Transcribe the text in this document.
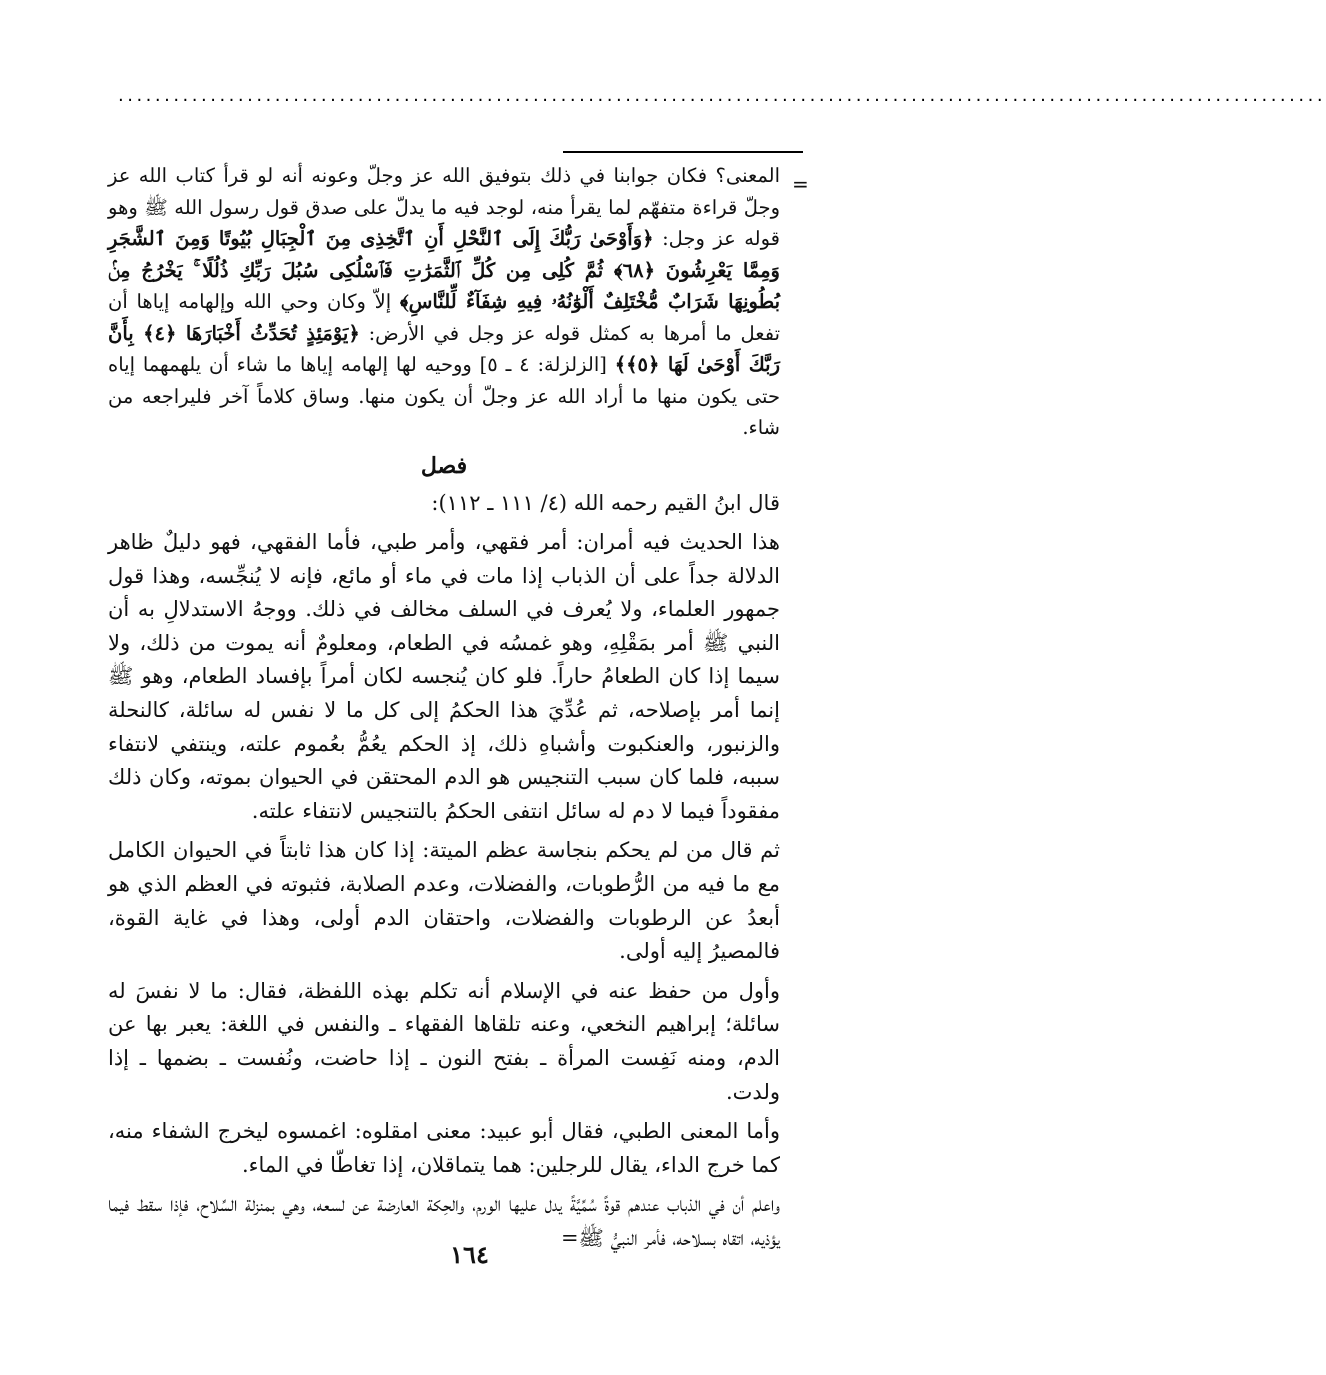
...................................................................................................................................
=

المعنى؟ فكان جوابنا في ذلك بتوفيق الله عز وجلّ وعونه أنه لو قرأ كتاب الله عز وجلّ قراءة متفهّم لما يقرأ منه، لوجد فيه ما يدلّ على صدق قول رسول الله ﷺ وهو قوله عز وجل: ﴿وَأَوْحَىٰ رَبُّكَ إِلَى ٱلنَّحْلِ أَنِ ٱتَّخِذِى مِنَ ٱلْجِبَالِ بُيُوتًا وَمِنَ ٱلشَّجَرِ وَمِمَّا يَعْرِشُونَ ﴿٦٨﴾ ثُمَّ كُلِى مِن كُلِّ ٱلثَّمَرَٰتِ فَٱسْلُكِى سُبُلَ رَبِّكِ ذُلُلًا ۚ يَخْرُجُ مِنۢ بُطُونِهَا شَرَابٌ مُّخْتَلِفٌ أَلْوَٰنُهُۥ فِيهِ شِفَآءٌ لِّلنَّاسِ﴾ إلاّ وكان وحي الله وإلهامه إياها أن تفعل ما أمرها به كمثل قوله عز وجل في الأرض: ﴿يَوْمَئِذٍ تُحَدِّثُ أَخْبَارَهَا ﴿٤﴾ بِأَنَّ رَبَّكَ أَوْحَىٰ لَهَا ﴿٥﴾﴾ [الزلزلة: ٤ ـ ٥] ووحيه لها إلهامه إياها ما شاء أن يلهمهما إياه حتى يكون منها ما أراد الله عز وجلّ أن يكون منها. وساق كلاماً آخر فليراجعه من شاء.

فصل

قال ابنُ القيم رحمه الله (٤/ ١١١ ـ ١١٢):

هذا الحديث فيه أمران: أمر فقهي، وأمر طبي، فأما الفقهي، فهو دليلٌ ظاهر الدلالة جداً على أن الذباب إذا مات في ماء أو مائع، فإنه لا يُنجِّسه، وهذا قول جمهور العلماء، ولا يُعرف في السلف مخالف في ذلك. ووجهُ الاستدلالِ به أن النبي ﷺ أمر بمَقْلِهِ، وهو غمسُه في الطعام، ومعلومٌ أنه يموت من ذلك، ولا سيما إذا كان الطعامُ حاراً. فلو كان يُنجسه لكان أمراً بإفساد الطعام، وهو ﷺ إنما أمر بإصلاحه، ثم عُدِّيَ هذا الحكمُ إلى كل ما لا نفس له سائلة، كالنحلة والزنبور، والعنكبوت وأشباهِ ذلك، إذ الحكم يعُمُّ بعُموم علته، وينتفي لانتفاء سببه، فلما كان سبب التنجيس هو الدم المحتقن في الحيوان بموته، وكان ذلك مفقوداً فيما لا دم له سائل انتفى الحكمُ بالتنجيس لانتفاء علته.

ثم قال من لم يحكم بنجاسة عظم الميتة: إذا كان هذا ثابتاً في الحيوان الكامل مع ما فيه من الرُّطوبات، والفضلات، وعدم الصلابة، فثبوته في العظم الذي هو أبعدُ عن الرطوبات والفضلات، واحتقان الدم أولى، وهذا في غاية القوة، فالمصيرُ إليه أولى.

وأول من حفظ عنه في الإسلام أنه تكلم بهذه اللفظة، فقال: ما لا نفسَ له سائلة؛ إبراهيم النخعي، وعنه تلقاها الفقهاء ـ والنفس في اللغة: يعبر بها عن الدم، ومنه نَفِست المرأة ـ بفتح النون ـ إذا حاضت، ونُفست ـ بضمها ـ إذا ولدت.

وأما المعنى الطبي، فقال أبو عبيد: معنى امقلوه: اغمسوه ليخرج الشفاء منه، كما خرج الداء، يقال للرجلين: هما يتماقلان، إذا تغاطّا في الماء.

واعلم أن في الذباب عندهم قوةً سُمِّيَّةً يدل عليها الورم، والحِكة العارضة عن لسعه، وهي بمنزلة السِّلاح، فإذا سقط فيما يؤذيه، اتقاه بسلاحه، فأمر النبيُّ ﷺ=

١٦٤
